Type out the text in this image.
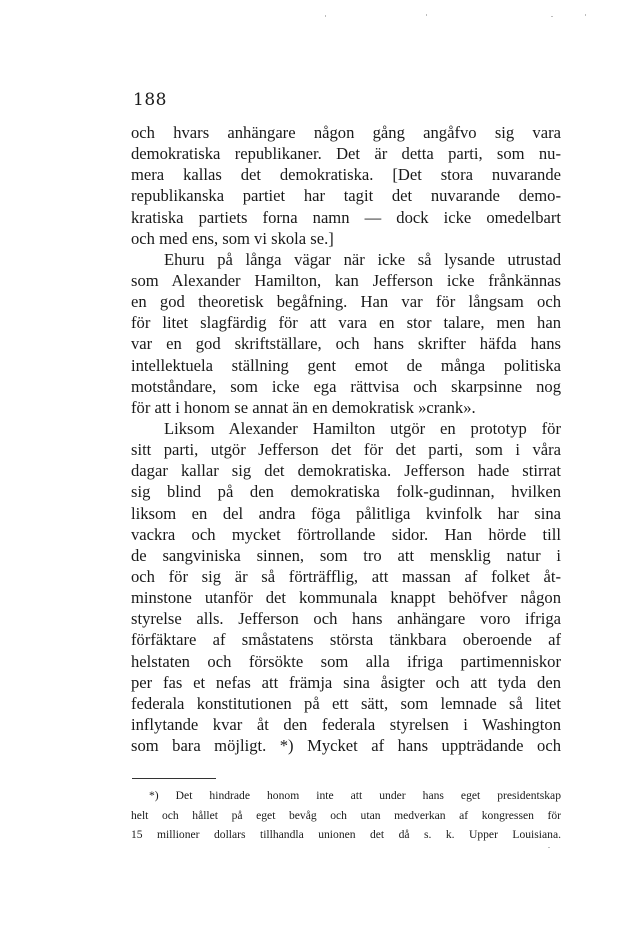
188
och hvars anhängare någon gång angåfvo sig vara
demokratiska republikaner. Det är detta parti, som nu-
mera kallas det demokratiska. [Det stora nuvarande
republikanska partiet har tagit det nuvarande demo-
kratiska partiets forna namn — dock icke omedelbart
och med ens, som vi skola se.]
Ehuru på långa vägar när icke så lysande utrustad
som Alexander Hamilton, kan Jefferson icke frånkännas
en god theoretisk begåfning. Han var för långsam och
för litet slagfärdig för att vara en stor talare, men han
var en god skriftställare, och hans skrifter häfda hans
intellektuela ställning gent emot de många politiska
motståndare, som icke ega rättvisa och skarpsinne nog
för att i honom se annat än en demokratisk »crank».
Liksom Alexander Hamilton utgör en prototyp för
sitt parti, utgör Jefferson det för det parti, som i våra
dagar kallar sig det demokratiska. Jefferson hade stirrat
sig blind på den demokratiska folk-gudinnan, hvilken
liksom en del andra föga pålitliga kvinfolk har sina
vackra och mycket förtrollande sidor. Han hörde till
de sangviniska sinnen, som tro att mensklig natur i
och för sig är så förträfflig, att massan af folket åt-
minstone utanför det kommunala knappt behöfver någon
styrelse alls. Jefferson och hans anhängare voro ifriga
förfäktare af småstatens största tänkbara oberoende af
helstaten och försökte som alla ifriga partimenniskor
per fas et nefas att främja sina åsigter och att tyda den
federala konstitutionen på ett sätt, som lemnade så litet
inflytande kvar åt den federala styrelsen i Washington
som bara möjligt. *) Mycket af hans uppträdande och
*) Det hindrade honom inte att under hans eget presidentskap
helt och hållet på eget bevåg och utan medverkan af kongressen för
15 millioner dollars tillhandla unionen det då s. k. Upper Louisiana.
